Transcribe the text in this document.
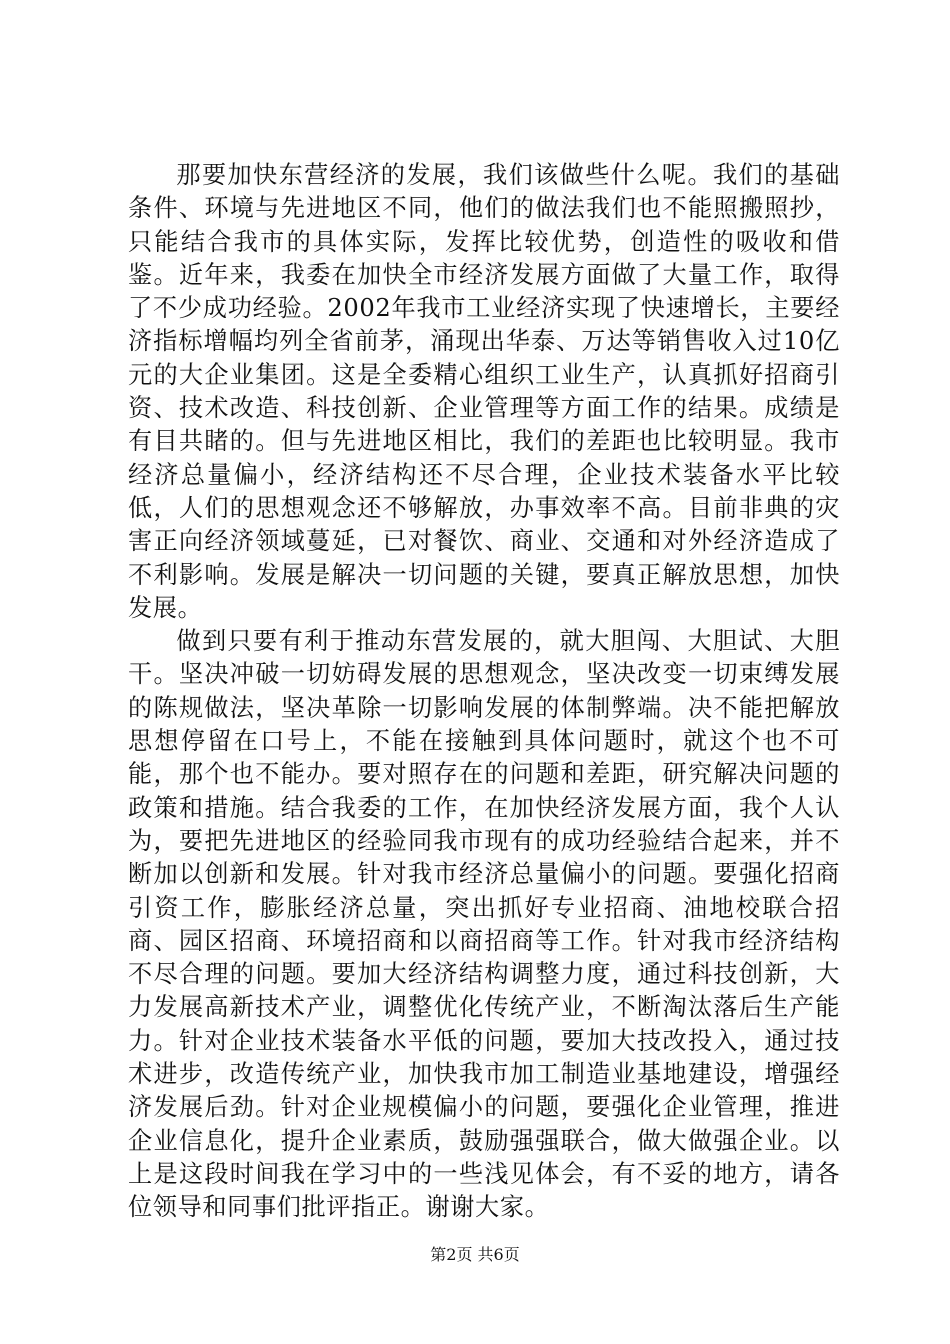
那要加快东营经济的发展，我们该做些什么呢。我们的基础条件、环境与先进地区不同，他们的做法我们也不能照搬照抄，只能结合我市的具体实际，发挥比较优势，创造性的吸收和借鉴。近年来，我委在加快全市经济发展方面做了大量工作，取得了不少成功经验。2002年我市工业经济实现了快速增长，主要经济指标增幅均列全省前茅，涌现出华泰、万达等销售收入过10亿元的大企业集团。这是全委精心组织工业生产，认真抓好招商引资、技术改造、科技创新、企业管理等方面工作的结果。成绩是有目共睹的。但与先进地区相比，我们的差距也比较明显。我市经济总量偏小，经济结构还不尽合理，企业技术装备水平比较低，人们的思想观念还不够解放，办事效率不高。目前非典的灾害正向经济领域蔓延，已对餐饮、商业、交通和对外经济造成了不利影响。发展是解决一切问题的关键，要真正解放思想，加快发展。

做到只要有利于推动东营发展的，就大胆闯、大胆试、大胆干。坚决冲破一切妨碍发展的思想观念，坚决改变一切束缚发展的陈规做法，坚决革除一切影响发展的体制弊端。决不能把解放思想停留在口号上，不能在接触到具体问题时，就这个也不可能，那个也不能办。要对照存在的问题和差距，研究解决问题的政策和措施。结合我委的工作，在加快经济发展方面，我个人认为，要把先进地区的经验同我市现有的成功经验结合起来，并不断加以创新和发展。针对我市经济总量偏小的问题。要强化招商引资工作，膨胀经济总量，突出抓好专业招商、油地校联合招商、园区招商、环境招商和以商招商等工作。针对我市经济结构不尽合理的问题。要加大经济结构调整力度，通过科技创新，大力发展高新技术产业，调整优化传统产业，不断淘汰落后生产能力。针对企业技术装备水平低的问题，要加大技改投入，通过技术进步，改造传统产业，加快我市加工制造业基地建设，增强经济发展后劲。针对企业规模偏小的问题，要强化企业管理，推进企业信息化，提升企业素质，鼓励强强联合，做大做强企业。以上是这段时间我在学习中的一些浅见体会，有不妥的地方，请各位领导和同事们批评指正。谢谢大家。

第2页 共6页
